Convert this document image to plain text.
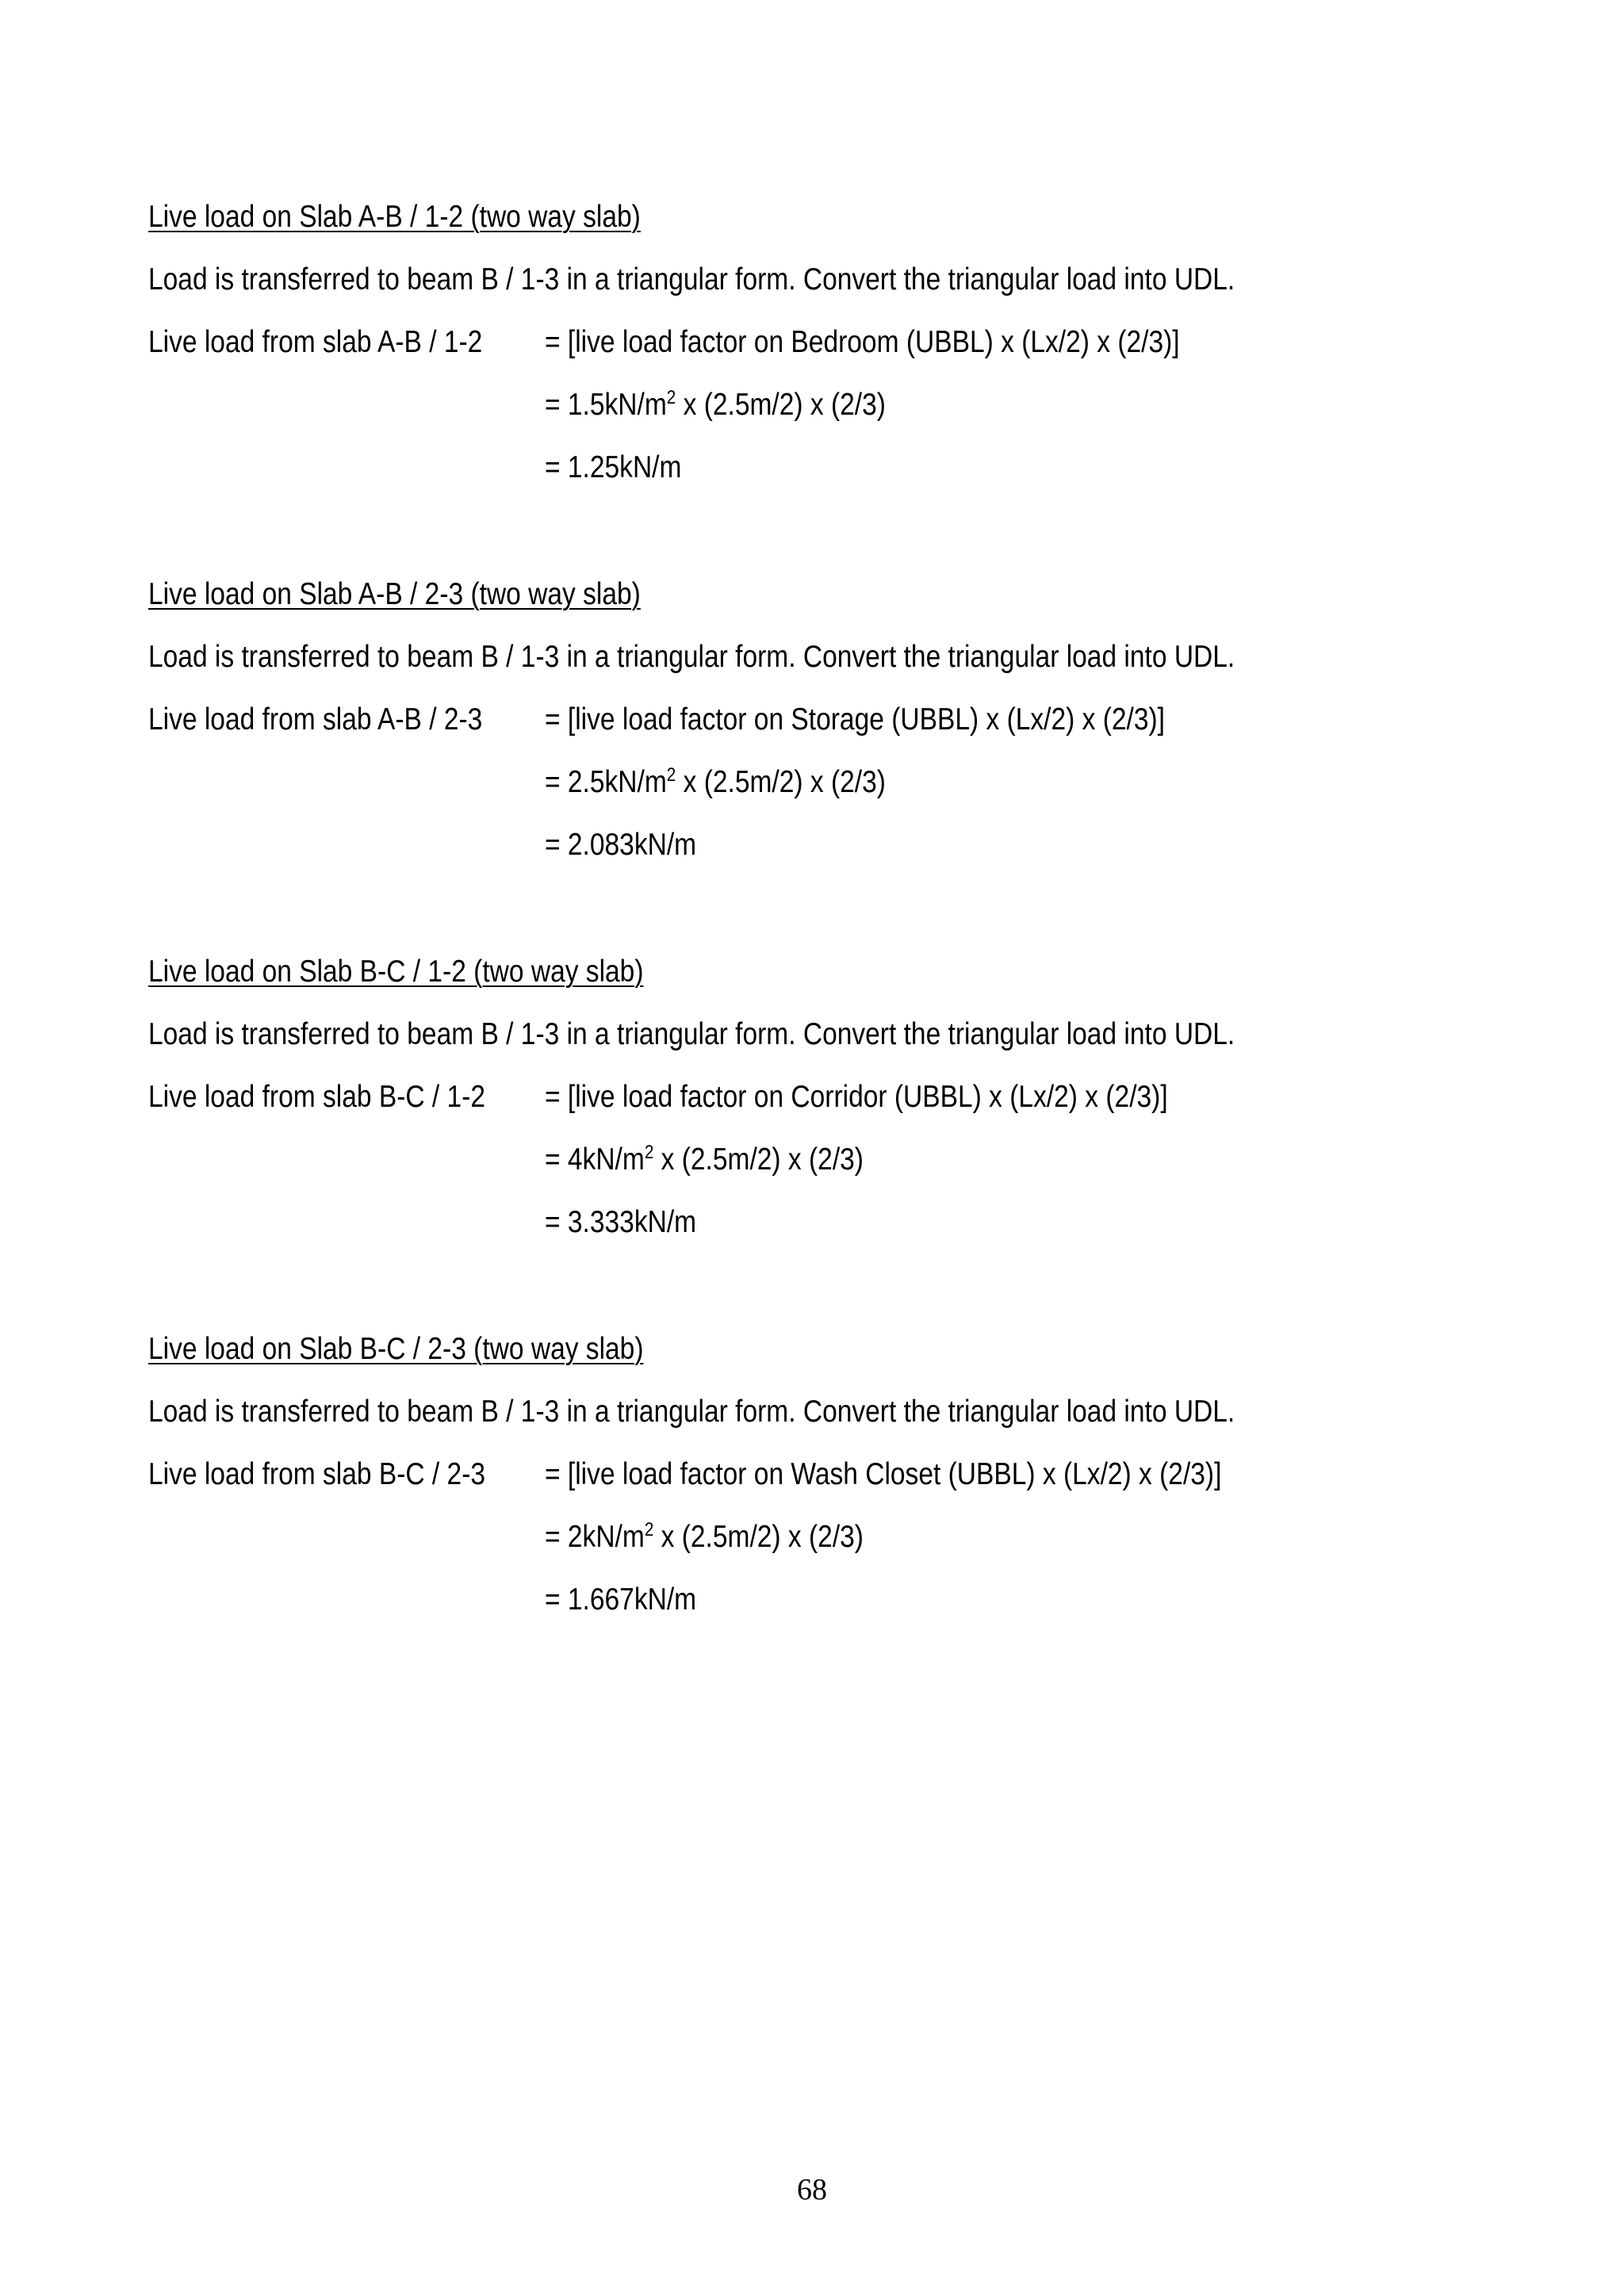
Live load on Slab A-B / 1-2 (two way slab)
Load is transferred to beam B / 1-3 in a triangular form. Convert the triangular load into UDL.
Live load from slab A-B / 1-2 = [live load factor on Bedroom (UBBL) x (Lx/2) x (2/3)]
= $1.5kN/m^2$ x (2.5m/2) x (2/3)
= 1.25kN/m
Live load on Slab A-B / 2-3 (two way slab)
Load is transferred to beam B / 1-3 in a triangular form. Convert the triangular load into UDL.
Live load from slab A-B / 2-3 = [live load factor on Storage (UBBL) x (Lx/2) x (2/3)]
= $2.5kN/m^2$ x (2.5m/2) x (2/3)
= 2.083kN/m
Live load on Slab B-C / 1-2 (two way slab)
Load is transferred to beam B / 1-3 in a triangular form. Convert the triangular load into UDL.
Live load from slab B-C / 1-2 = [live load factor on Corridor (UBBL) x (Lx/2) x (2/3)]
= $4kN/m^2$ x (2.5m/2) x (2/3)
= 3.333kN/m
Live load on Slab B-C / 2-3 (two way slab)
Load is transferred to beam B / 1-3 in a triangular form. Convert the triangular load into UDL.
Live load from slab B-C / 2-3 = [live load factor on Wash Closet (UBBL) x (Lx/2) x (2/3)]
= $2kN/m^2$ x (2.5m/2) x (2/3)
= 1.667kN/m
68
